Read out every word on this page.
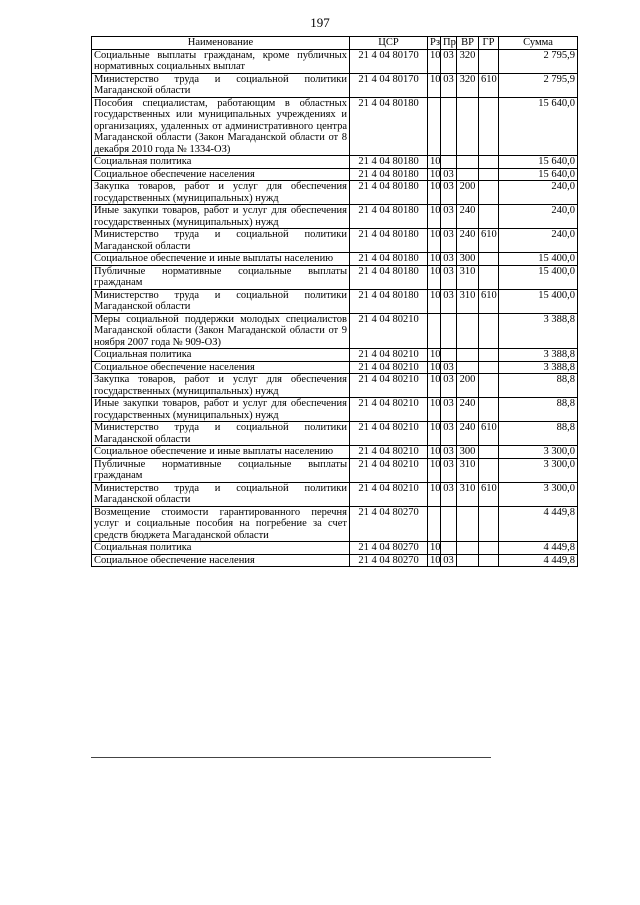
197
Наименование	ЦСР	Рз	Пр	ВР	ГР	Сумма
Социальные выплаты гражданам, кроме публичных нормативных социальных выплат	21 4 04 80170	10	03	320		2 795,9
Министерство труда и социальной политики Магаданской области	21 4 04 80170	10	03	320	610	2 795,9
Пособия специалистам, работающим в областных государственных или муниципальных учреждениях и организациях, удаленных от административного центра Магаданской области (Закон Магаданской области от 8 декабря 2010 года № 1334-ОЗ)	21 4 04 80180					15 640,0
Социальная политика	21 4 04 80180	10				15 640,0
Социальное обеспечение населения	21 4 04 80180	10	03			15 640,0
Закупка товаров, работ и услуг для обеспечения государственных (муниципальных) нужд	21 4 04 80180	10	03	200		240,0
Иные закупки товаров, работ и услуг для обеспечения государственных (муниципальных) нужд	21 4 04 80180	10	03	240		240,0
Министерство труда и социальной политики Магаданской области	21 4 04 80180	10	03	240	610	240,0
Социальное обеспечение и иные выплаты населению	21 4 04 80180	10	03	300		15 400,0
Публичные нормативные социальные выплаты гражданам	21 4 04 80180	10	03	310		15 400,0
Министерство труда и социальной политики Магаданской области	21 4 04 80180	10	03	310	610	15 400,0
Меры социальной поддержки молодых специалистов Магаданской области (Закон Магаданской области от 9 ноября 2007 года № 909-ОЗ)	21 4 04 80210					3 388,8
Социальная политика	21 4 04 80210	10				3 388,8
Социальное обеспечение населения	21 4 04 80210	10	03			3 388,8
Закупка товаров, работ и услуг для обеспечения государственных (муниципальных) нужд	21 4 04 80210	10	03	200		88,8
Иные закупки товаров, работ и услуг для обеспечения государственных (муниципальных) нужд	21 4 04 80210	10	03	240		88,8
Министерство труда и социальной политики Магаданской области	21 4 04 80210	10	03	240	610	88,8
Социальное обеспечение и иные выплаты населению	21 4 04 80210	10	03	300		3 300,0
Публичные нормативные социальные выплаты гражданам	21 4 04 80210	10	03	310		3 300,0
Министерство труда и социальной политики Магаданской области	21 4 04 80210	10	03	310	610	3 300,0
Возмещение стоимости гарантированного перечня услуг и социальные пособия на погребение за счет средств бюджета Магаданской области	21 4 04 80270					4 449,8
Социальная политика	21 4 04 80270	10				4 449,8
Социальное обеспечение населения	21 4 04 80270	10	03			4 449,8
